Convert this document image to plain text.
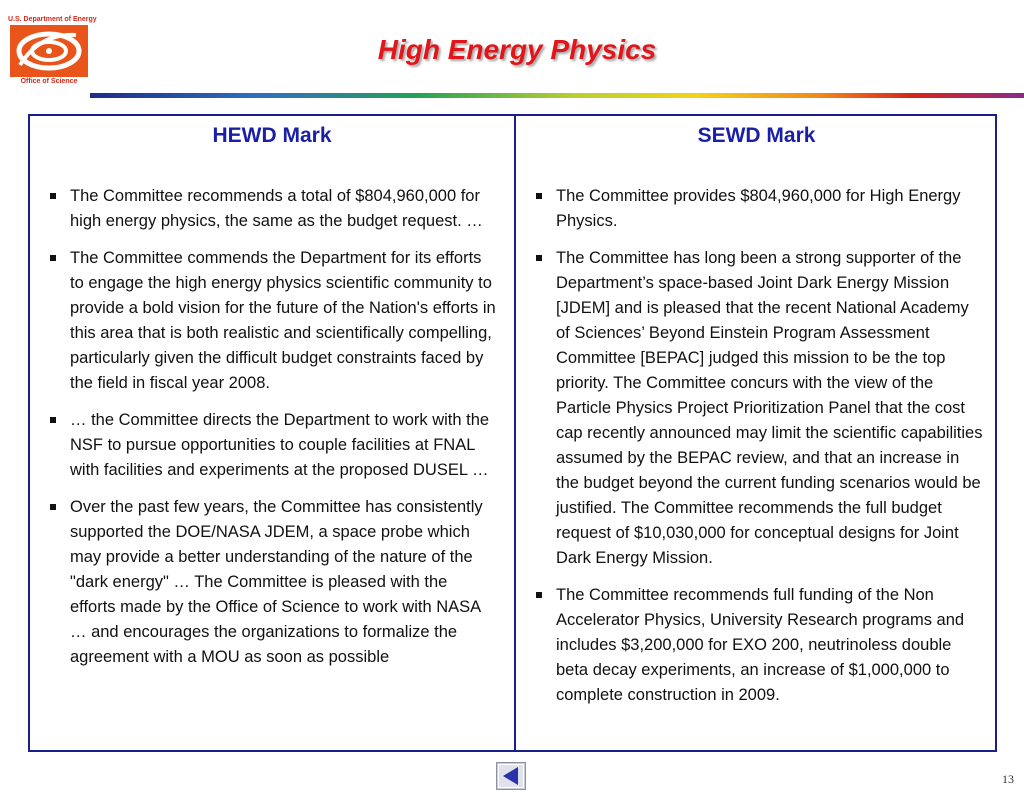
U.S. Department of Energy
Office of Science
High Energy Physics
HEWD Mark
The Committee recommends a total of $804,960,000 for high energy physics, the same as the budget request. …
The Committee commends the Department for its efforts to engage the high energy physics scientific community to provide a bold vision for the future of the Nation's efforts in this area that is both realistic and scientifically compelling, particularly given the difficult budget constraints faced by the field in fiscal year 2008.
… the Committee directs the Department to work with the NSF to pursue opportunities to couple facilities at FNAL with facilities and experiments at the proposed DUSEL …
Over the past few years, the Committee has consistently supported the DOE/NASA JDEM, a space probe which may provide a better understanding of the nature of the "dark energy" … The Committee is pleased with the efforts made by the Office of Science to work with NASA … and encourages the organizations to formalize the agreement with a MOU as soon as possible
SEWD Mark
The Committee provides $804,960,000 for High Energy Physics.
The Committee has long been a strong supporter of the Department’s space-based Joint Dark Energy Mission [JDEM] and is pleased that the recent National Academy of Sciences’ Beyond Einstein Program Assessment Committee [BEPAC] judged this mission to be the top priority. The Committee concurs with the view of the Particle Physics Project Prioritization Panel that the cost cap recently announced may limit the scientific capabilities assumed by the BEPAC review, and that an increase in the budget beyond the current funding scenarios would be justified. The Committee recommends the full budget request of $10,030,000 for conceptual designs for Joint Dark Energy Mission.
The Committee recommends full funding of the Non Accelerator Physics, University Research programs and includes $3,200,000 for EXO 200, neutrinoless double beta decay experiments, an increase of $1,000,000 to complete construction in 2009.
13
